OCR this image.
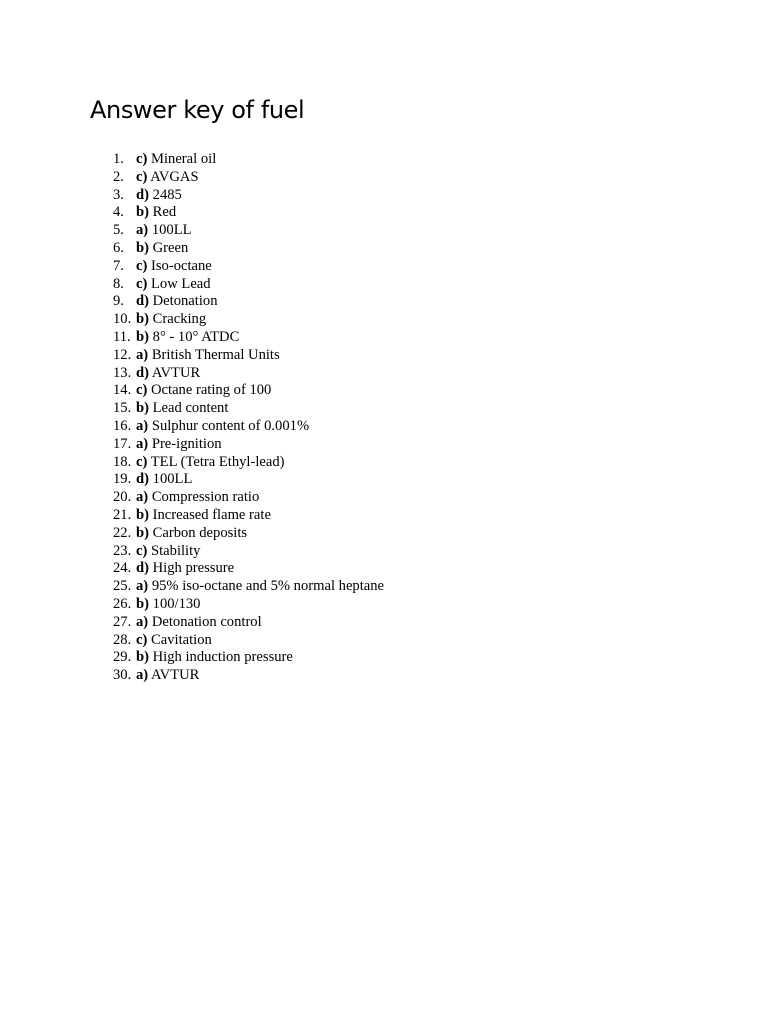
Answer key of fuel
1. c) Mineral oil
2. c) AVGAS
3. d) 2485
4. b) Red
5. a) 100LL
6. b) Green
7. c) Iso-octane
8. c) Low Lead
9. d) Detonation
10. b) Cracking
11. b) 8° - 10° ATDC
12. a) British Thermal Units
13. d) AVTUR
14. c) Octane rating of 100
15. b) Lead content
16. a) Sulphur content of 0.001%
17. a) Pre-ignition
18. c) TEL (Tetra Ethyl-lead)
19. d) 100LL
20. a) Compression ratio
21. b) Increased flame rate
22. b) Carbon deposits
23. c) Stability
24. d) High pressure
25. a) 95% iso-octane and 5% normal heptane
26. b) 100/130
27. a) Detonation control
28. c) Cavitation
29. b) High induction pressure
30. a) AVTUR
